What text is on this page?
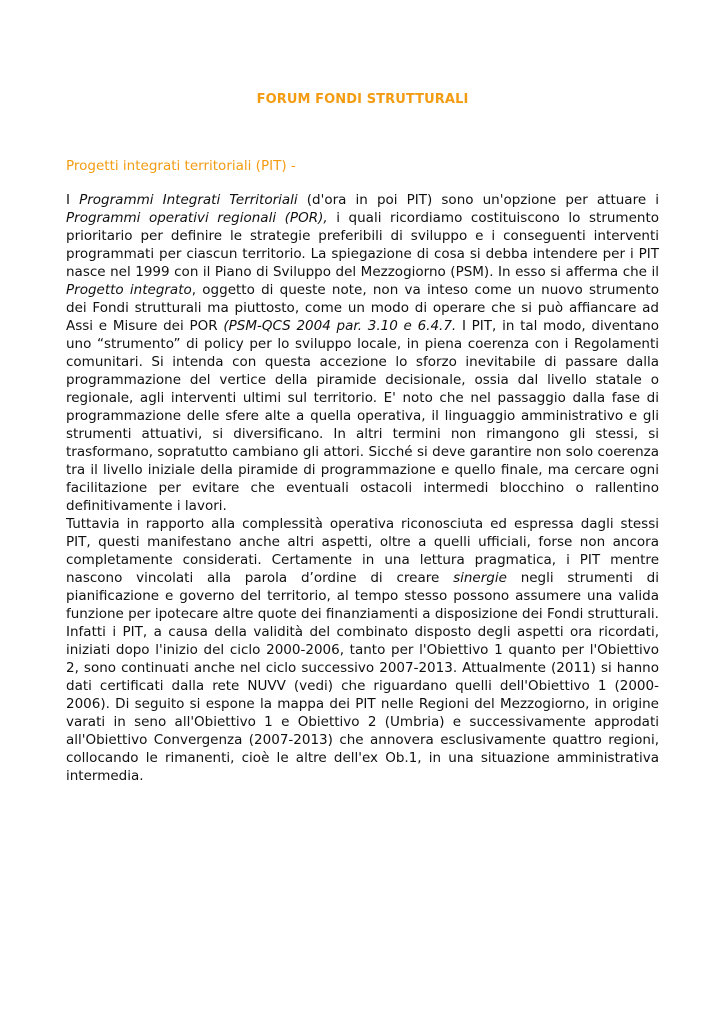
FORUM FONDI STRUTTURALI
Progetti integrati territoriali (PIT) -

I Programmi Integrati Territoriali (d'ora in poi PIT) sono un'opzione per attuare i Programmi operativi regionali (POR), i quali ricordiamo costituiscono lo strumento prioritario per definire le strategie preferibili di sviluppo e i conseguenti interventi programmati per ciascun territorio. La spiegazione di cosa si debba intendere per i PIT nasce nel 1999 con il Piano di Sviluppo del Mezzogiorno (PSM). In esso si afferma che il Progetto integrato, oggetto di queste note, non va inteso come un nuovo strumento dei Fondi strutturali ma piuttosto, come un modo di operare che si può affiancare ad Assi e Misure dei POR (PSM-QCS 2004 par. 3.10 e 6.4.7. I PIT, in tal modo, diventano uno “strumento” di policy per lo sviluppo locale, in piena coerenza con i Regolamenti comunitari. Si intenda con questa accezione lo sforzo inevitabile di passare dalla programmazione del vertice della piramide decisionale, ossia dal livello statale o regionale, agli interventi ultimi sul territorio. E' noto che nel passaggio dalla fase di programmazione delle sfere alte a quella operativa, il linguaggio amministrativo e gli strumenti attuativi, si diversificano. In altri termini non rimangono gli stessi, si trasformano, sopratutto cambiano gli attori. Sicché si deve garantire non solo coerenza tra il livello iniziale della piramide di programmazione e quello finale, ma cercare ogni facilitazione per evitare che eventuali ostacoli intermedi blocchino o rallentino definitivamente i lavori.

Tuttavia in rapporto alla complessità operativa riconosciuta ed espressa dagli stessi PIT, questi manifestano anche altri aspetti, oltre a quelli ufficiali, forse non ancora completamente considerati. Certamente in una lettura pragmatica, i PIT mentre nascono vincolati alla parola d’ordine di creare sinergie negli strumenti di pianificazione e governo del territorio, al tempo stesso possono assumere una valida funzione per ipotecare altre quote dei finanziamenti a disposizione dei Fondi strutturali.

Infatti i PIT, a causa della validità del combinato disposto degli aspetti ora ricordati, iniziati dopo l'inizio del ciclo 2000-2006, tanto per l'Obiettivo 1 quanto per l'Obiettivo 2, sono continuati anche nel ciclo successivo 2007-2013. Attualmente (2011) si hanno dati certificati dalla rete NUVV (vedi) che riguardano quelli dell'Obiettivo 1 (2000-2006). Di seguito si espone la mappa dei PIT nelle Regioni del Mezzogiorno, in origine varati in seno all'Obiettivo 1 e Obiettivo 2 (Umbria) e successivamente approdati all'Obiettivo Convergenza (2007-2013) che annovera esclusivamente quattro regioni, collocando le rimanenti, cioè le altre dell'ex Ob.1, in una situazione amministrativa intermedia.
